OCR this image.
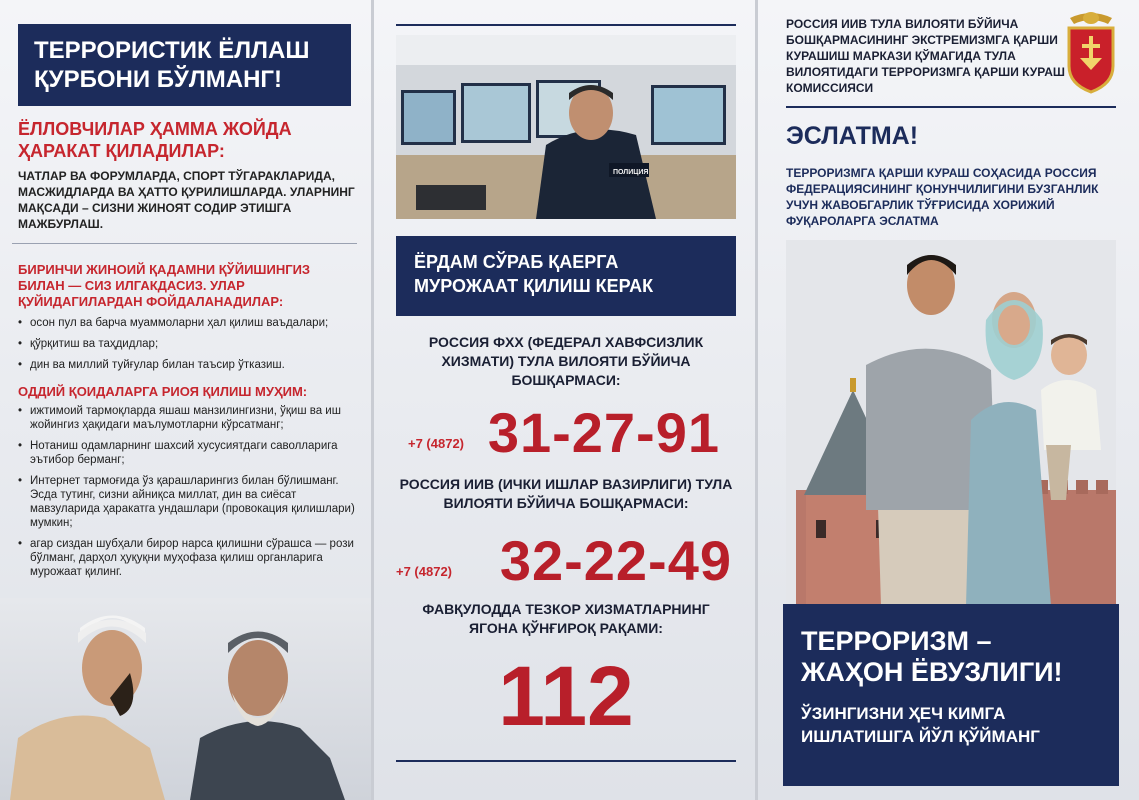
ТЕРРОРИСТИК ЁЛЛАШ ҚУРБОНИ БЎЛМАНГ!
ЁЛЛОВЧИЛАР ҲАММА ЖОЙДА ҲАРАКАТ ҚИЛАДИЛАР:
ЧАТЛАР ВА ФОРУМЛАРДА, СПОРТ ТЎГАРАКЛАРИДА, МАСЖИДЛАРДА ВА ҲАТТО ҚУРИЛИШЛАРДА. УЛАРНИНГ МАҚСАДИ – СИЗНИ ЖИНОЯТ СОДИР ЭТИШГА МАЖБУРЛАШ.
БИРИНЧИ ЖИНОИЙ ҚАДАМНИ ҚЎЙИШИНГИЗ БИЛАН — СИЗ ИЛГАКДАСИЗ. УЛАР ҚУЙИДАГИЛАРДАН ФОЙДАЛАНАДИЛАР:
• осон пул ва барча муаммоларни ҳал қилиш ваъдалари;
• қўрқитиш ва таҳдидлар;
• дин ва миллий туйғулар билан таъсир ўтказиш.
ОДДИЙ ҚОИДАЛАРГА РИОЯ ҚИЛИШ МУҲИМ:
• ижтимоий тармоқларда яшаш манзилингизни, ўқиш ва иш жойингиз ҳақидаги маълумотларни кўрсатманг;
• Нотаниш одамларнинг шахсий хусусиятдаги саволларига эътибор берманг;
• Интернет тармоғида ўз қарашларингиз билан бўлишманг. Эсда тутинг, сизни айниқса миллат, дин ва сиёсат мавзуларида ҳаракатга ундашлари (провокация қилишлари) мумкин;
• агар сиздан шубҳали бирор нарса қилишни сўрашса — рози бўлманг, дарҳол ҳуқуқни муҳофаза қилиш органларига мурожаат қилинг.
ПОЛИЦИЯ
ЁРДАМ СЎРАБ ҚАЕРГА МУРОЖААТ ҚИЛИШ КЕРАК
РОССИЯ ФХХ (ФЕДЕРАЛ ХАВФСИЗЛИК ХИЗМАТИ) ТУЛА ВИЛОЯТИ БЎЙИЧА БОШҚАРМАСИ:
+7 (4872) 31-27-91
РОССИЯ ИИВ (ИЧКИ ИШЛАР ВАЗИРЛИГИ) ТУЛА ВИЛОЯТИ БЎЙИЧА БОШҚАРМАСИ:
+7 (4872) 32-22-49
ФАВҚУЛОДДА ТЕЗКОР ХИЗМАТЛАРНИНГ ЯГОНА ҚЎНҒИРОҚ РАҚАМИ:
112
РОССИЯ ИИВ ТУЛА ВИЛОЯТИ БЎЙИЧА БОШҚАРМАСИНИНГ ЭКСТРЕМИЗМГА ҚАРШИ КУРАШИШ МАРКАЗИ ҚЎМАГИДА ТУЛА ВИЛОЯТИДАГИ ТЕРРОРИЗМГА ҚАРШИ КУРАШ КОМИССИЯСИ
ЭСЛАТМА!
ТЕРРОРИЗМГА ҚАРШИ КУРАШ СОҲАСИДА РОССИЯ ФЕДЕРАЦИЯСИНИНГ ҚОНУНЧИЛИГИНИ БУЗГАНЛИК УЧУН ЖАВОБГАРЛИК ТЎҒРИСИДА ХОРИЖИЙ ФУҚАРОЛАРГА ЭСЛАТМА
ТЕРРОРИЗМ – ЖАҲОН ЁВУЗЛИГИ!
ЎЗИНГИЗНИ ҲЕЧ КИМГА ИШЛАТИШГА ЙЎЛ ҚЎЙМАНГ
